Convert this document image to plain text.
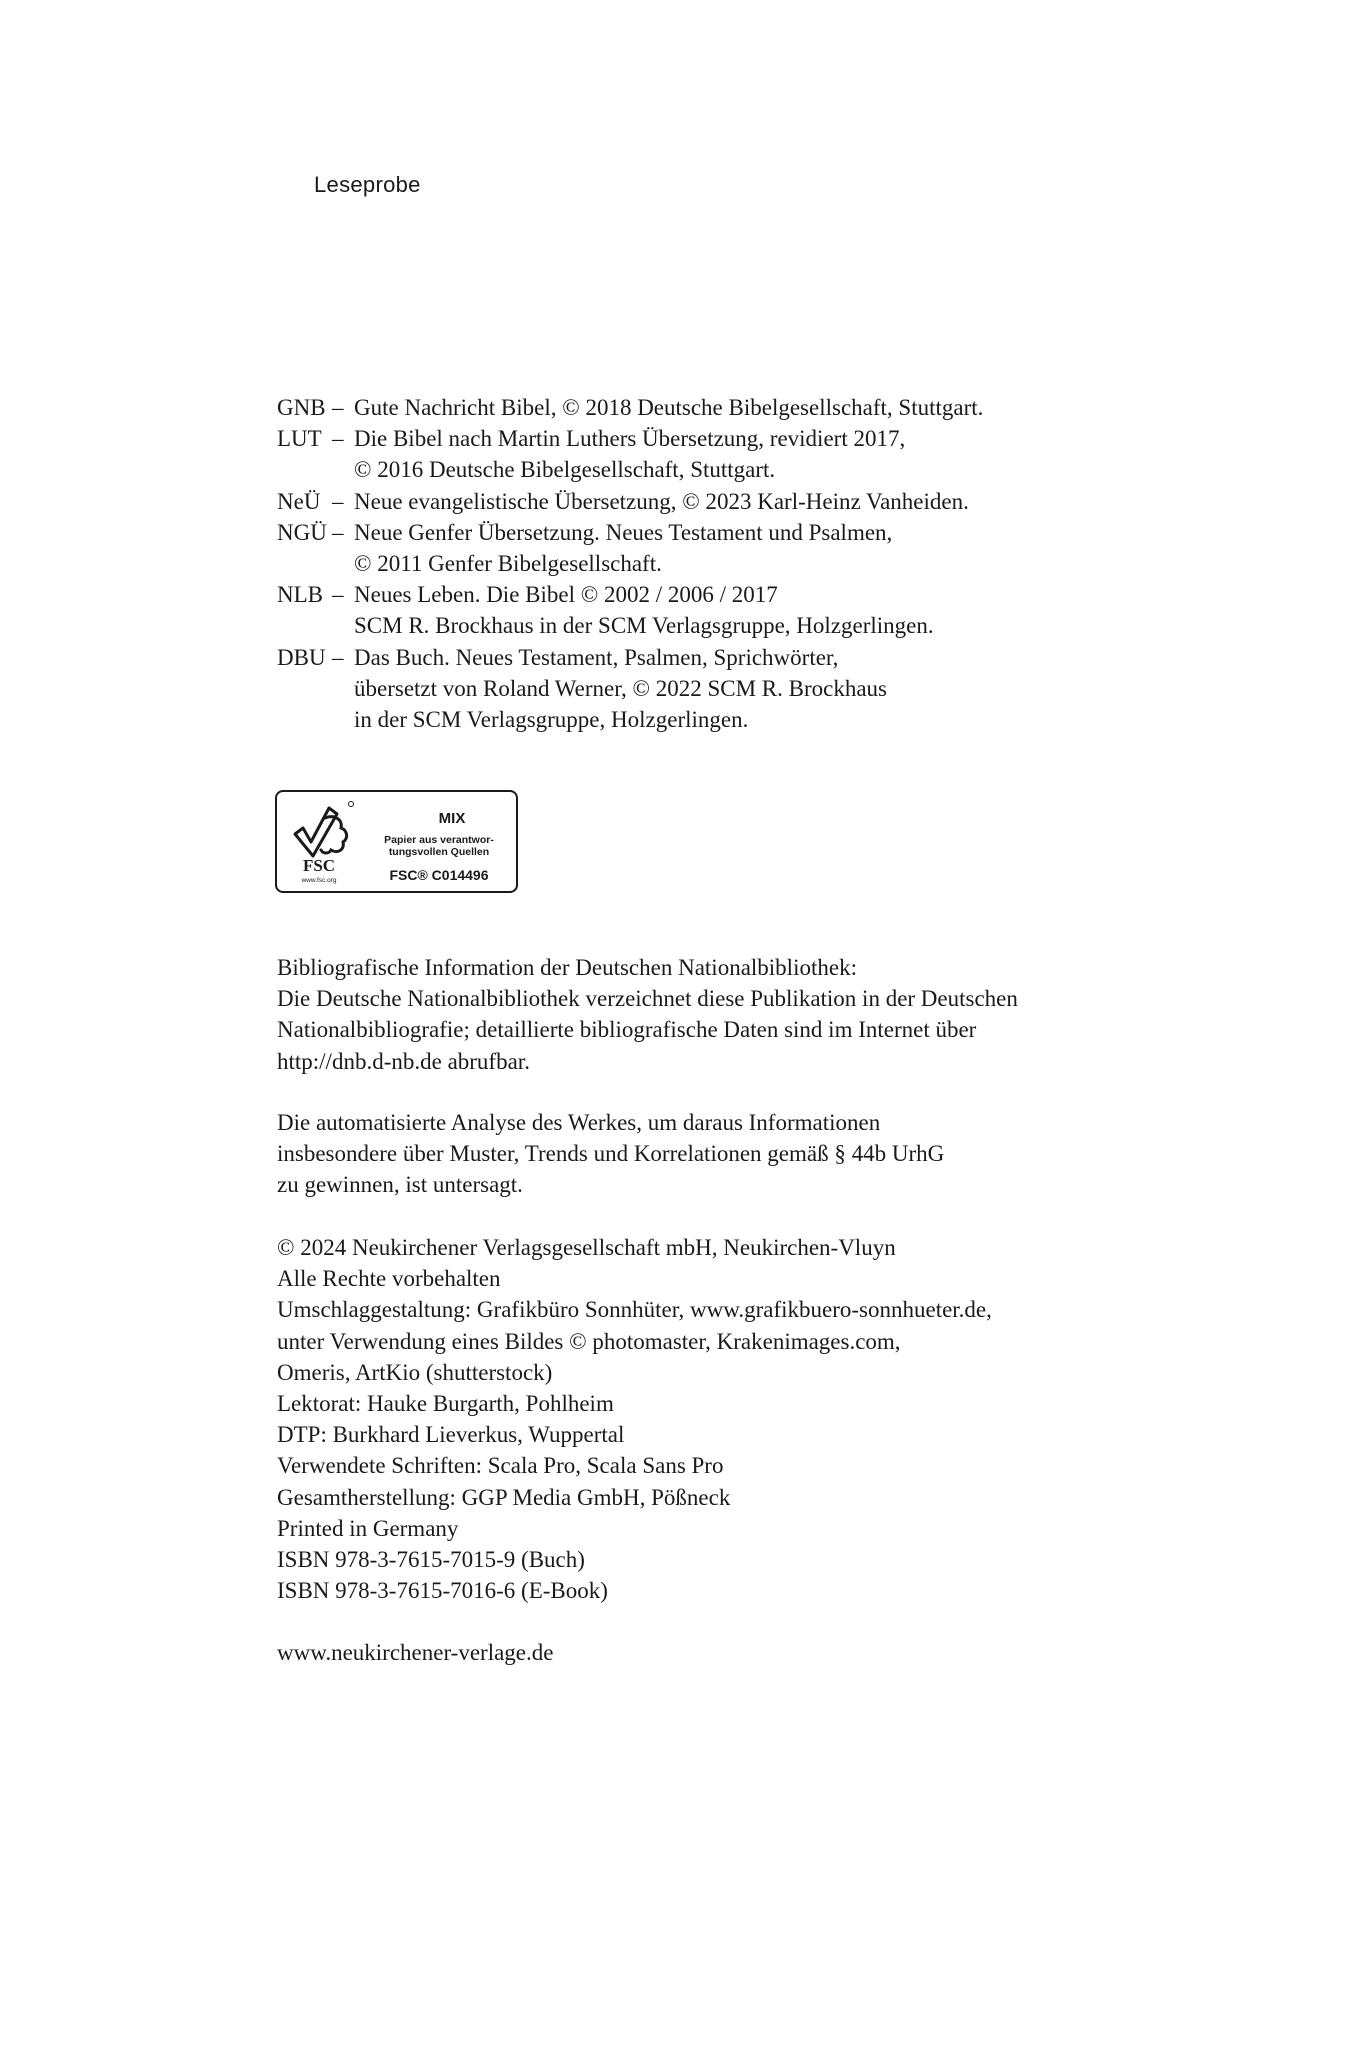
Leseprobe
GNB – Gute Nachricht Bibel, © 2018 Deutsche Bibelgesellschaft, Stuttgart.
LUT – Die Bibel nach Martin Luthers Übersetzung, revidiert 2017,
© 2016 Deutsche Bibelgesellschaft, Stuttgart.
NeÜ – Neue evangelistische Übersetzung, © 2023 Karl-Heinz Vanheiden.
NGÜ – Neue Genfer Übersetzung. Neues Testament und Psalmen,
© 2011 Genfer Bibelgesellschaft.
NLB – Neues Leben. Die Bibel © 2002 / 2006 / 2017
SCM R. Brockhaus in der SCM Verlagsgruppe, Holzgerlingen.
DBU – Das Buch. Neues Testament, Psalmen, Sprichwörter,
übersetzt von Roland Werner, © 2022 SCM R. Brockhaus
in der SCM Verlagsgruppe, Holzgerlingen.
FSC
www.fsc.org
MIX
Papier aus verantwor-
tungsvollen Quellen
FSC® C014496
Bibliografische Information der Deutschen Nationalbibliothek:
Die Deutsche Nationalbibliothek verzeichnet diese Publikation in der Deutschen
Nationalbibliografie; detaillierte bibliografische Daten sind im Internet über
http://dnb.d-nb.de abrufbar.
Die automatisierte Analyse des Werkes, um daraus Informationen
insbesondere über Muster, Trends und Korrelationen gemäß § 44b UrhG
zu gewinnen, ist untersagt.
© 2024 Neukirchener Verlagsgesellschaft mbH, Neukirchen-Vluyn
Alle Rechte vorbehalten
Umschlaggestaltung: Grafikbüro Sonnhüter, www.grafikbuero-sonnhueter.de,
unter Verwendung eines Bildes © photomaster, Krakenimages.com,
Omeris, ArtKio (shutterstock)
Lektorat: Hauke Burgarth, Pohlheim
DTP: Burkhard Lieverkus, Wuppertal
Verwendete Schriften: Scala Pro, Scala Sans Pro
Gesamtherstellung: GGP Media GmbH, Pößneck
Printed in Germany
ISBN 978-3-7615-7015-9 (Buch)
ISBN 978-3-7615-7016-6 (E-Book)
www.neukirchener-verlage.de
